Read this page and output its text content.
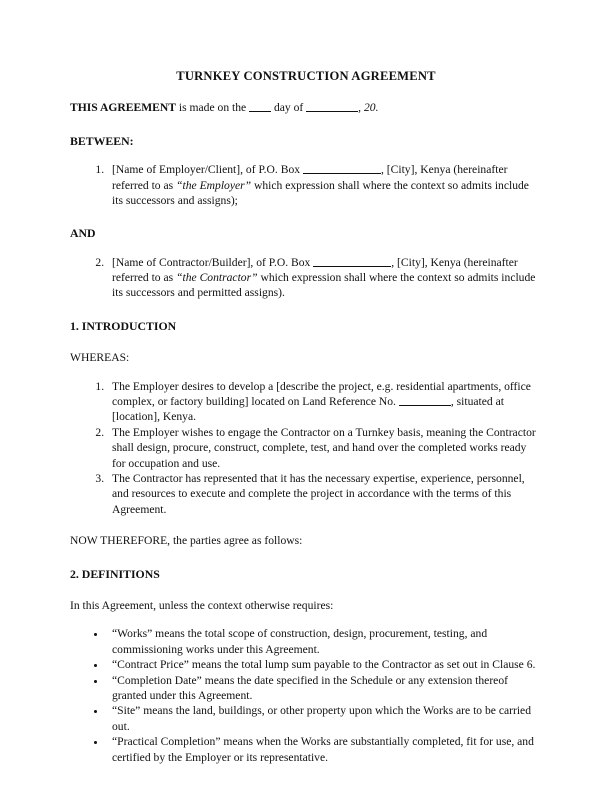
TURNKEY CONSTRUCTION AGREEMENT

THIS AGREEMENT is made on the  day of	, 20.

BETWEEN:

1. [Name of Employer/Client], of P.O. Box	, [City], Kenya (hereinafter referred to as “the Employer” which expression shall where the context so admits include its successors and assigns);

AND

2. [Name of Contractor/Builder], of P.O. Box	, [City], Kenya (hereinafter referred to as “the Contractor” which expression shall where the context so admits include its successors and permitted assigns).

1. INTRODUCTION

WHEREAS:

1. The Employer desires to develop a [describe the project, e.g. residential apartments, office complex, or factory building] located on Land Reference No.	, situated at [location], Kenya.
2. The Employer wishes to engage the Contractor on a Turnkey basis, meaning the Contractor shall design, procure, construct, complete, test, and hand over the completed works ready for occupation and use.
3. The Contractor has represented that it has the necessary expertise, experience, personnel, and resources to execute and complete the project in accordance with the terms of this Agreement.

NOW THEREFORE, the parties agree as follows:

2. DEFINITIONS

In this Agreement, unless the context otherwise requires:

• “Works” means the total scope of construction, design, procurement, testing, and commissioning works under this Agreement.
• “Contract Price” means the total lump sum payable to the Contractor as set out in Clause 6.
• “Completion Date” means the date specified in the Schedule or any extension thereof granted under this Agreement.
• “Site” means the land, buildings, or other property upon which the Works are to be carried out.
• “Practical Completion” means when the Works are substantially completed, fit for use, and certified by the Employer or its representative.
